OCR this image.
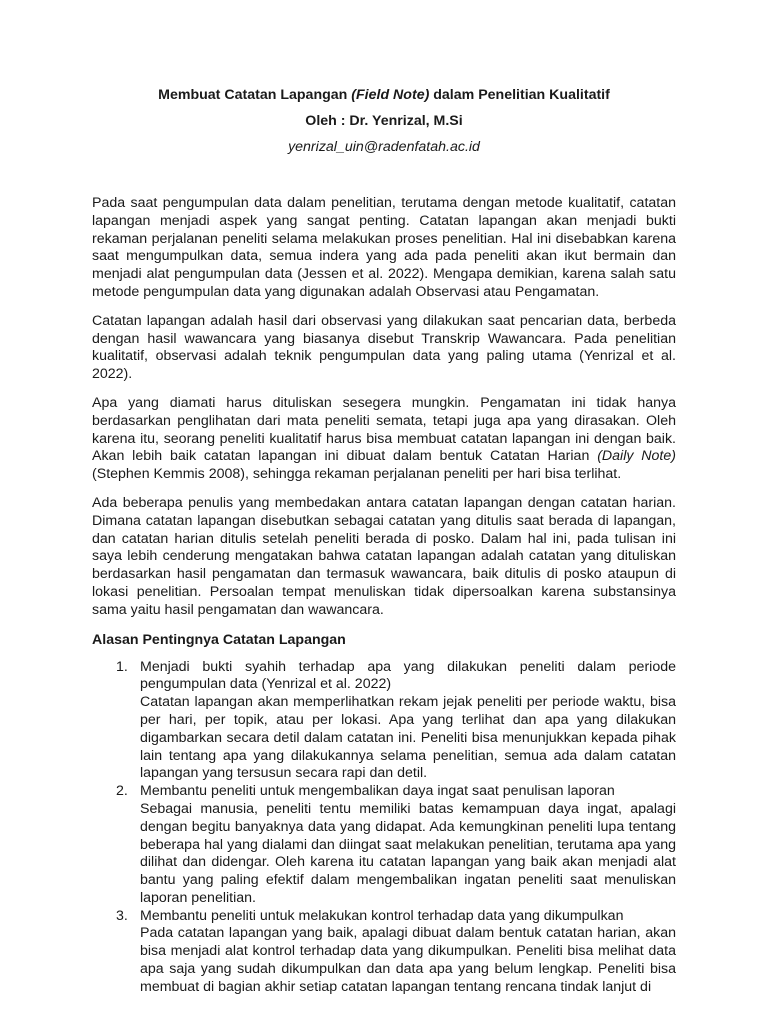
Membuat Catatan Lapangan (Field Note) dalam Penelitian Kualitatif
Oleh : Dr. Yenrizal, M.Si
yenrizal_uin@radenfatah.ac.id

Pada saat pengumpulan data dalam penelitian, terutama dengan metode kualitatif, catatan lapangan menjadi aspek yang sangat penting. Catatan lapangan akan menjadi bukti rekaman perjalanan peneliti selama melakukan proses penelitian. Hal ini disebabkan karena saat mengumpulkan data, semua indera yang ada pada peneliti akan ikut bermain dan menjadi alat pengumpulan data (Jessen et al. 2022). Mengapa demikian, karena salah satu metode pengumpulan data yang digunakan adalah Observasi atau Pengamatan.

Catatan lapangan adalah hasil dari observasi yang dilakukan saat pencarian data, berbeda dengan hasil wawancara yang biasanya disebut Transkrip Wawancara. Pada penelitian kualitatif, observasi adalah teknik pengumpulan data yang paling utama (Yenrizal et al. 2022).

Apa yang diamati harus dituliskan sesegera mungkin. Pengamatan ini tidak hanya berdasarkan penglihatan dari mata peneliti semata, tetapi juga apa yang dirasakan. Oleh karena itu, seorang peneliti kualitatif harus bisa membuat catatan lapangan ini dengan baik. Akan lebih baik catatan lapangan ini dibuat dalam bentuk Catatan Harian (Daily Note) (Stephen Kemmis 2008), sehingga rekaman perjalanan peneliti per hari bisa terlihat.

Ada beberapa penulis yang membedakan antara catatan lapangan dengan catatan harian. Dimana catatan lapangan disebutkan sebagai catatan yang ditulis saat berada di lapangan, dan catatan harian ditulis setelah peneliti berada di posko. Dalam hal ini, pada tulisan ini saya lebih cenderung mengatakan bahwa catatan lapangan adalah catatan yang dituliskan berdasarkan hasil pengamatan dan termasuk wawancara, baik ditulis di posko ataupun di lokasi penelitian. Persoalan tempat menuliskan tidak dipersoalkan karena substansinya sama yaitu hasil pengamatan dan wawancara.

Alasan Pentingnya Catatan Lapangan
1. Menjadi bukti syahih terhadap apa yang dilakukan peneliti dalam periode pengumpulan data (Yenrizal et al. 2022)
Catatan lapangan akan memperlihatkan rekam jejak peneliti per periode waktu, bisa per hari, per topik, atau per lokasi. Apa yang terlihat dan apa yang dilakukan digambarkan secara detil dalam catatan ini. Peneliti bisa menunjukkan kepada pihak lain tentang apa yang dilakukannya selama penelitian, semua ada dalam catatan lapangan yang tersusun secara rapi dan detil.
2. Membantu peneliti untuk mengembalikan daya ingat saat penulisan laporan
Sebagai manusia, peneliti tentu memiliki batas kemampuan daya ingat, apalagi dengan begitu banyaknya data yang didapat. Ada kemungkinan peneliti lupa tentang beberapa hal yang dialami dan diingat saat melakukan penelitian, terutama apa yang dilihat dan didengar. Oleh karena itu catatan lapangan yang baik akan menjadi alat bantu yang paling efektif dalam mengembalikan ingatan peneliti saat menuliskan laporan penelitian.
3. Membantu peneliti untuk melakukan kontrol terhadap data yang dikumpulkan
Pada catatan lapangan yang baik, apalagi dibuat dalam bentuk catatan harian, akan bisa menjadi alat kontrol terhadap data yang dikumpulkan. Peneliti bisa melihat data apa saja yang sudah dikumpulkan dan data apa yang belum lengkap. Peneliti bisa membuat di bagian akhir setiap catatan lapangan tentang rencana tindak lanjut di
